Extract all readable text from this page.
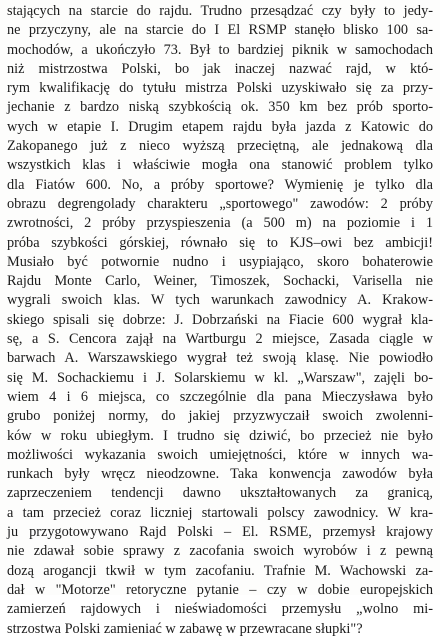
stających na starcie do rajdu. Trudno przesądzać czy były to jedy-
ne przyczyny, ale na starcie do I El RSMP stanęło blisko 100 sa-
mochodów, a ukończyło 73. Był to bardziej piknik w samochodach
niż mistrzostwa Polski, bo jak inaczej nazwać rajd, w któ-
rym kwalifikację do tytułu mistrza Polski uzyskiwało się za przy-
jechanie z bardzo niską szybkością ok. 350 km bez prób sporto-
wych w etapie I. Drugim etapem rajdu była jazda z Katowic do
Zakopanego już z nieco wyższą przeciętną, ale jednakową dla
wszystkich klas i właściwie mogła ona stanowić problem tylko
dla Fiatów 600. No, a próby sportowe? Wymienię je tylko dla
obrazu degrengolady charakteru „sportowego" zawodów: 2 próby
zwrotności, 2 próby przyspieszenia (a 500 m) na poziomie i 1
próba szybkości górskiej, równało się to KJS–owi bez ambicji!
Musiało być potwornie nudno i usypiająco, skoro bohaterowie
Rajdu Monte Carlo, Weiner, Timoszek, Sochacki, Varisella nie
wygrali swoich klas. W tych warunkach zawodnicy A. Krakow-
skiego spisali się dobrze: J. Dobrzański na Fiacie 600 wygrał kla-
sę, a S. Cencora zajął na Wartburgu 2 miejsce, Zasada ciągle w
barwach A. Warszawskiego wygrał też swoją klasę. Nie powiodło
się M. Sochackiemu i J. Solarskiemu w kl. „Warszaw", zajęli bo-
wiem 4 i 6 miejsca, co szczególnie dla pana Mieczysława było
grubo poniżej normy, do jakiej przyzwyczaił swoich zwolenni-
ków w roku ubiegłym. I trudno się dziwić, bo przecież nie było
możliwości wykazania swoich umiejętności, które w innych wa-
runkach były wręcz nieodzowne. Taka konwencja zawodów była
zaprzeczeniem tendencji dawno ukształtowanych za granicą,
a tam przecież coraz liczniej startowali polscy zawodnicy. W kra-
ju przygotowywano Rajd Polski – El. RSME, przemysł krajowy
nie zdawał sobie sprawy z zacofania swoich wyrobów i z pewną
dozą arogancji tkwił w tym zacofaniu. Trafnie M. Wachowski za-
dał w "Motorze" retoryczne pytanie – czy w dobie europejskich
zamierzeń rajdowych i nieświadomości przemysłu „wolno mi-
strzostwa Polski zamieniać w zabawę w przewracane słupki"?
